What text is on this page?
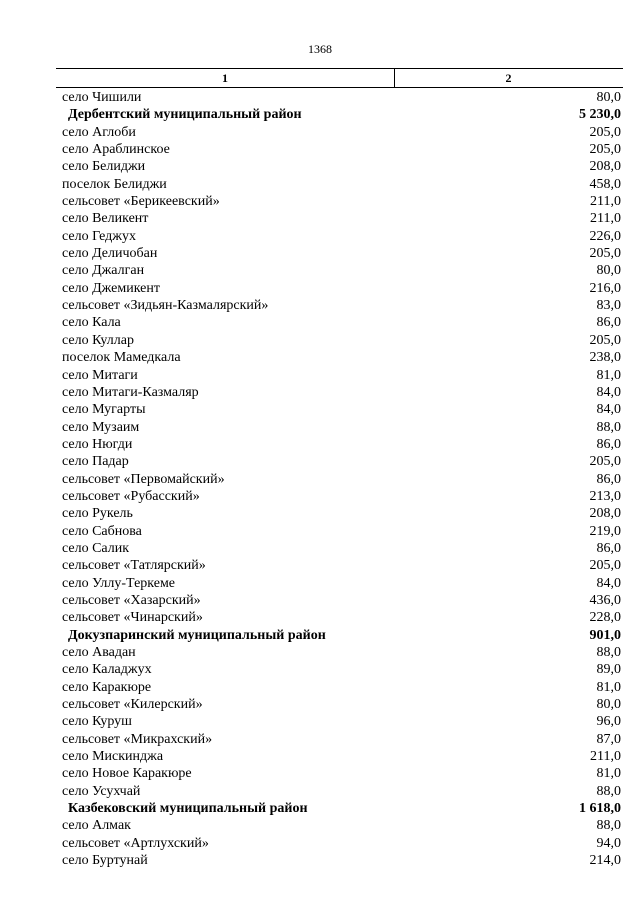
1368
1	2
село Чишили	80,0
Дербентский муниципальный район	5 230,0
село Аглоби	205,0
село Араблинское	205,0
село Белиджи	208,0
поселок Белиджи	458,0
сельсовет «Берикеевский»	211,0
село Великент	211,0
село Геджух	226,0
село Деличобан	205,0
село Джалган	80,0
село Джемикент	216,0
сельсовет «Зидьян-Казмалярский»	83,0
село Кала	86,0
село Куллар	205,0
поселок Мамедкала	238,0
село Митаги	81,0
село Митаги-Казмаляр	84,0
село Мугарты	84,0
село Музаим	88,0
село Нюгди	86,0
село Падар	205,0
сельсовет «Первомайский»	86,0
сельсовет «Рубасский»	213,0
село Рукель	208,0
село Сабнова	219,0
село Салик	86,0
сельсовет «Татлярский»	205,0
село Уллу-Теркеме	84,0
сельсовет «Хазарский»	436,0
сельсовет «Чинарский»	228,0
Докузпаринский муниципальный район	901,0
село Авадан	88,0
село Каладжух	89,0
село Каракюре	81,0
сельсовет «Килерский»	80,0
село Куруш	96,0
сельсовет «Микрахский»	87,0
село Мискинджа	211,0
село Новое Каракюре	81,0
село Усухчай	88,0
Казбековский муниципальный район	1 618,0
село Алмак	88,0
сельсовет «Артлухский»	94,0
село Буртунай	214,0
